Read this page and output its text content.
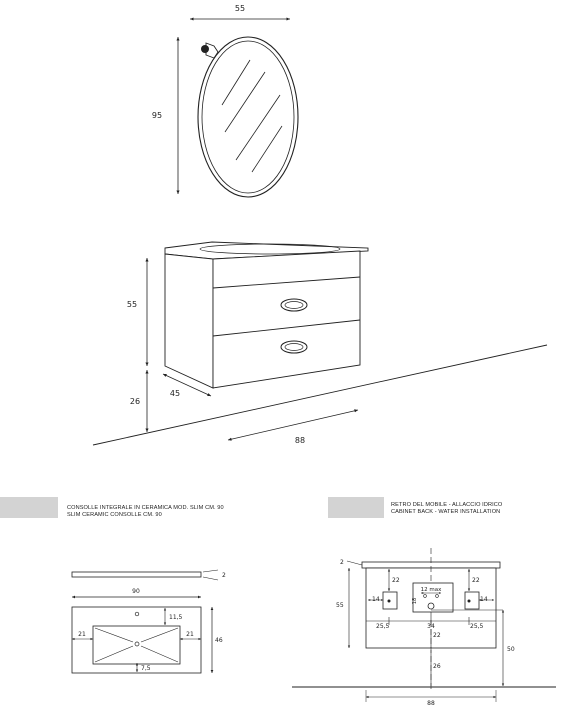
55
95
55
26
45
88
2
90
21	21
11,5
7,5
46
2
55
22	22
12 max
18
14	14
25,5	34	25,5
22
26
50
88
CONSOLLE INTEGRALE IN CERAMICA MOD. SLIM CM. 90
SLIM CERAMIC CONSOLLE CM. 90
RETRO DEL MOBILE - ALLACCIO IDRICO
CABINET BACK - WATER INSTALLATION
